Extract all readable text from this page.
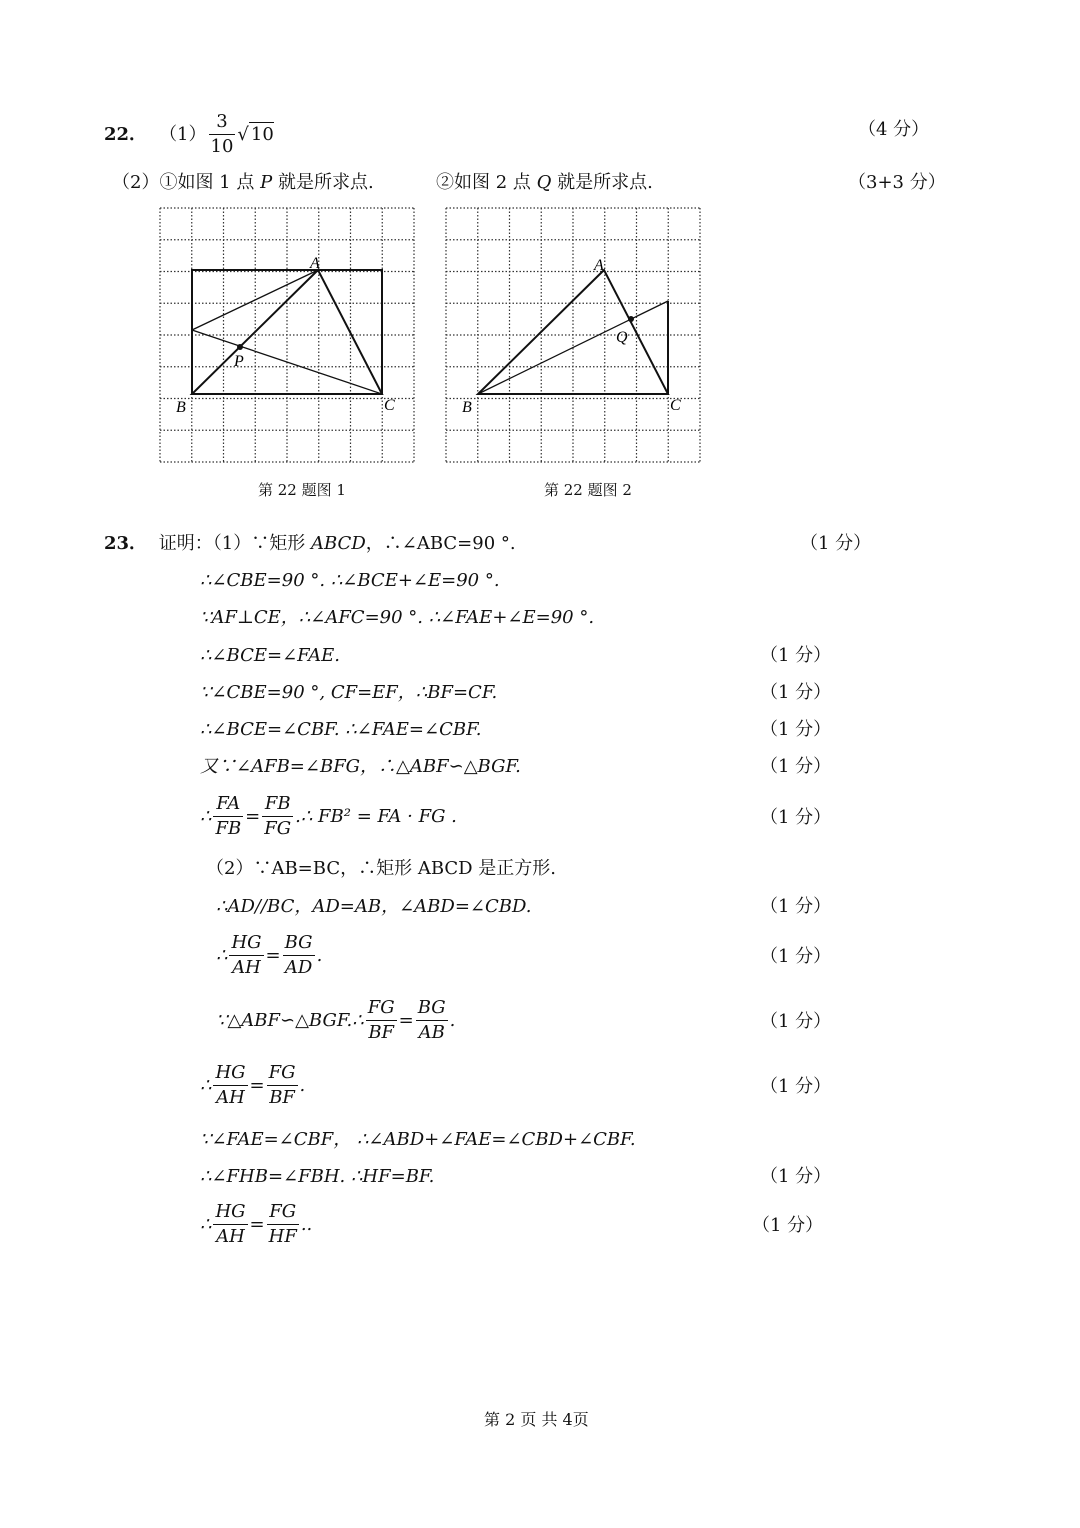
22． $(1) \frac{3}{10}$ √ 10	（4 分）
（2）①如图 1 点 P 就是所求点.	②如图 2 点 Q 就是所求点.	（3+3 分）
A
B	C
P
第 22 题图 1
A
B	C
Q
第 22 题图 2
23． 证明：（1）∵矩形 ABCD，∴∠ABC=90 °.	（1 分）
∴∠CBE=90 °. ∴∠BCE+∠E=90 °.
∵AF⊥CE，∴∠AFC=90 °. ∴∠FAE+∠E=90 °.
∴∠BCE=∠FAE.	（1 分）
∵∠CBE=90 °, CF=EF，∴BF=CF.	（1 分）
∴∠BCE=∠CBF. ∴∠FAE=∠CBF.	（1 分）
又∵∠AFB=∠BFG，∴△ABF∽△BGF.	（1 分）
∴ $\frac{FA}{FB} = \frac{FB}{FG}$ .∴ FB² = FA · FG .	（1 分）
（2）∵AB=BC，∴矩形 ABCD 是正方形.
∴AD//BC，AD=AB，∠ABD=∠CBD.	（1 分）
∴ $\frac{HG}{AH} = \frac{BG}{AD}$ .	（1 分）
∵△ABF∽△BGF.∴ $\frac{FG}{BF} = \frac{BG}{AB}$ .	（1 分）
∴ $\frac{HG}{AH} = \frac{FG}{BF}$ .	（1 分）
∵∠FAE=∠CBF， ∴∠ABD+∠FAE=∠CBD+∠CBF.
∴∠FHB=∠FBH. ∴HF=BF.	（1 分）
∴ $\frac{HG}{AH} = \frac{FG}{HF}$ ..	（1 分）
第 2 页 共 4页
